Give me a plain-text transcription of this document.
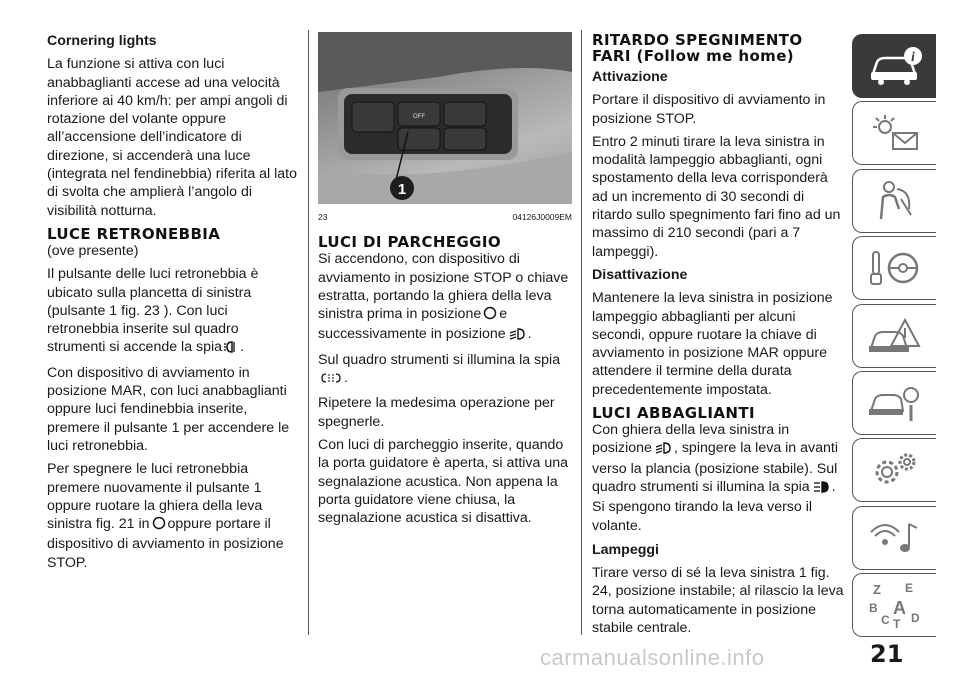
Cornering lights

La funzione si attiva con luci anabbaglianti accese ad una velocità inferiore ai 40 km/h: per ampi angoli di rotazione del volante oppure all’accensione dell’indicatore di direzione, si accenderà una luce (integrata nel fendinebbia) riferita al lato di svolta che amplierà l’angolo di visibilità notturna.

LUCE RETRONEBBIA

(ove presente)

Il pulsante delle luci retronebbia è ubicato sulla plancetta di sinistra (pulsante 1 fig. 23 ). Con luci retronebbia inserite sul quadro strumenti si accende la spia .

Con dispositivo di avviamento in posizione MAR, con luci anabbaglianti oppure luci fendinebbia inserite, premere il pulsante 1 per accendere le luci retronebbia.

Per spegnere le luci retronebbia premere nuovamente il pulsante 1 oppure ruotare la ghiera della leva sinistra fig. 21 in oppure portare il dispositivo di avviamento in posizione STOP.

OFF
1
23	04126J0009EM
LUCI DI PARCHEGGIO

Si accendono, con dispositivo di avviamento in posizione STOP o chiave estratta, portando la ghiera della leva sinistra prima in posizione e successivamente in posizione .

Sul quadro strumenti si illumina la spia
.

Ripetere la medesima operazione per spegnerle.

Con luci di parcheggio inserite, quando la porta guidatore è aperta, si attiva una segnalazione acustica. Non appena la porta guidatore viene chiusa, la segnalazione acustica si disattiva.

RITARDO SPEGNIMENTO
FARI (Follow me home)

Attivazione

Portare il dispositivo di avviamento in posizione STOP.

Entro 2 minuti tirare la leva sinistra in modalità lampeggio abbaglianti, ogni spostamento della leva corrisponderà ad un incremento di 30 secondi di ritardo sullo spegnimento fari fino ad un massimo di 210 secondi (pari a 7 lampeggi).

Disattivazione

Mantenere la leva sinistra in posizione lampeggio abbaglianti per alcuni secondi, oppure ruotare la chiave di avviamento in posizione MAR oppure attendere il termine della durata precedentemente impostata.

LUCI ABBAGLIANTI

Con ghiera della leva sinistra in posizione , spingere la leva in avanti verso la plancia (posizione stabile). Sul quadro strumenti si illumina la spia . Si spengono tirando la leva verso il volante.

Lampeggi

Tirare verso di sé la leva sinistra 1 fig. 24, posizione instabile; al rilascio la leva torna automaticamente in posizione stabile centrale.

i
Z E
B A
C T D
carmanualsonline.info	21
